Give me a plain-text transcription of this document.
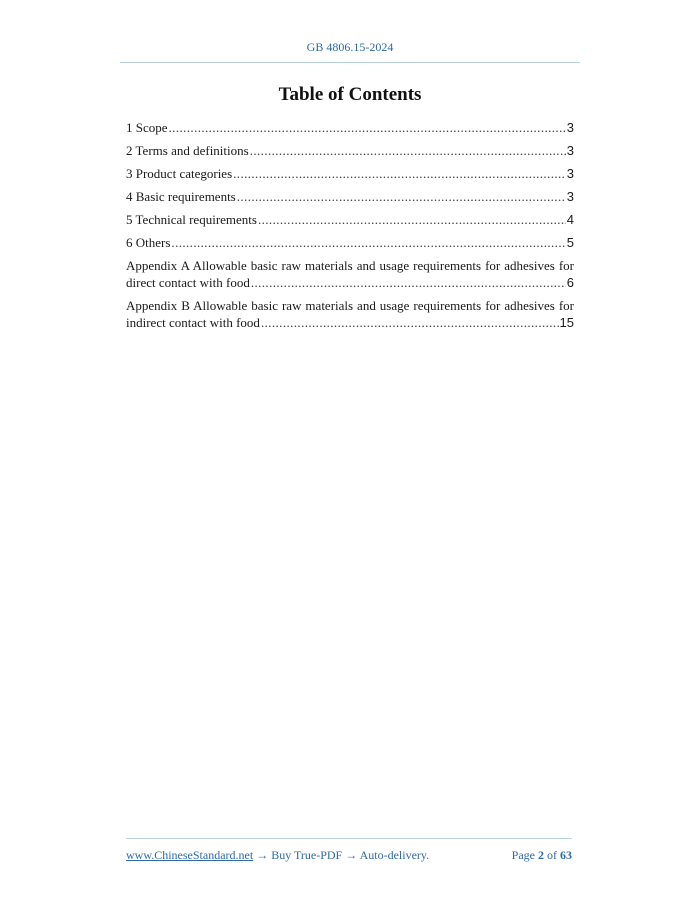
GB 4806.15-2024
Table of Contents
1 Scope .....	3
2 Terms and definitions .....	3
3 Product categories .....	3
4 Basic requirements .....	3
5 Technical requirements .....	4
6 Others .....	5
Appendix A Allowable basic raw materials and usage requirements for adhesives for
direct contact with food .....	6
Appendix B Allowable basic raw materials and usage requirements for adhesives for
indirect contact with food .....	15
www.ChineseStandard.net → Buy True-PDF → Auto-delivery.	Page 2 of 63
